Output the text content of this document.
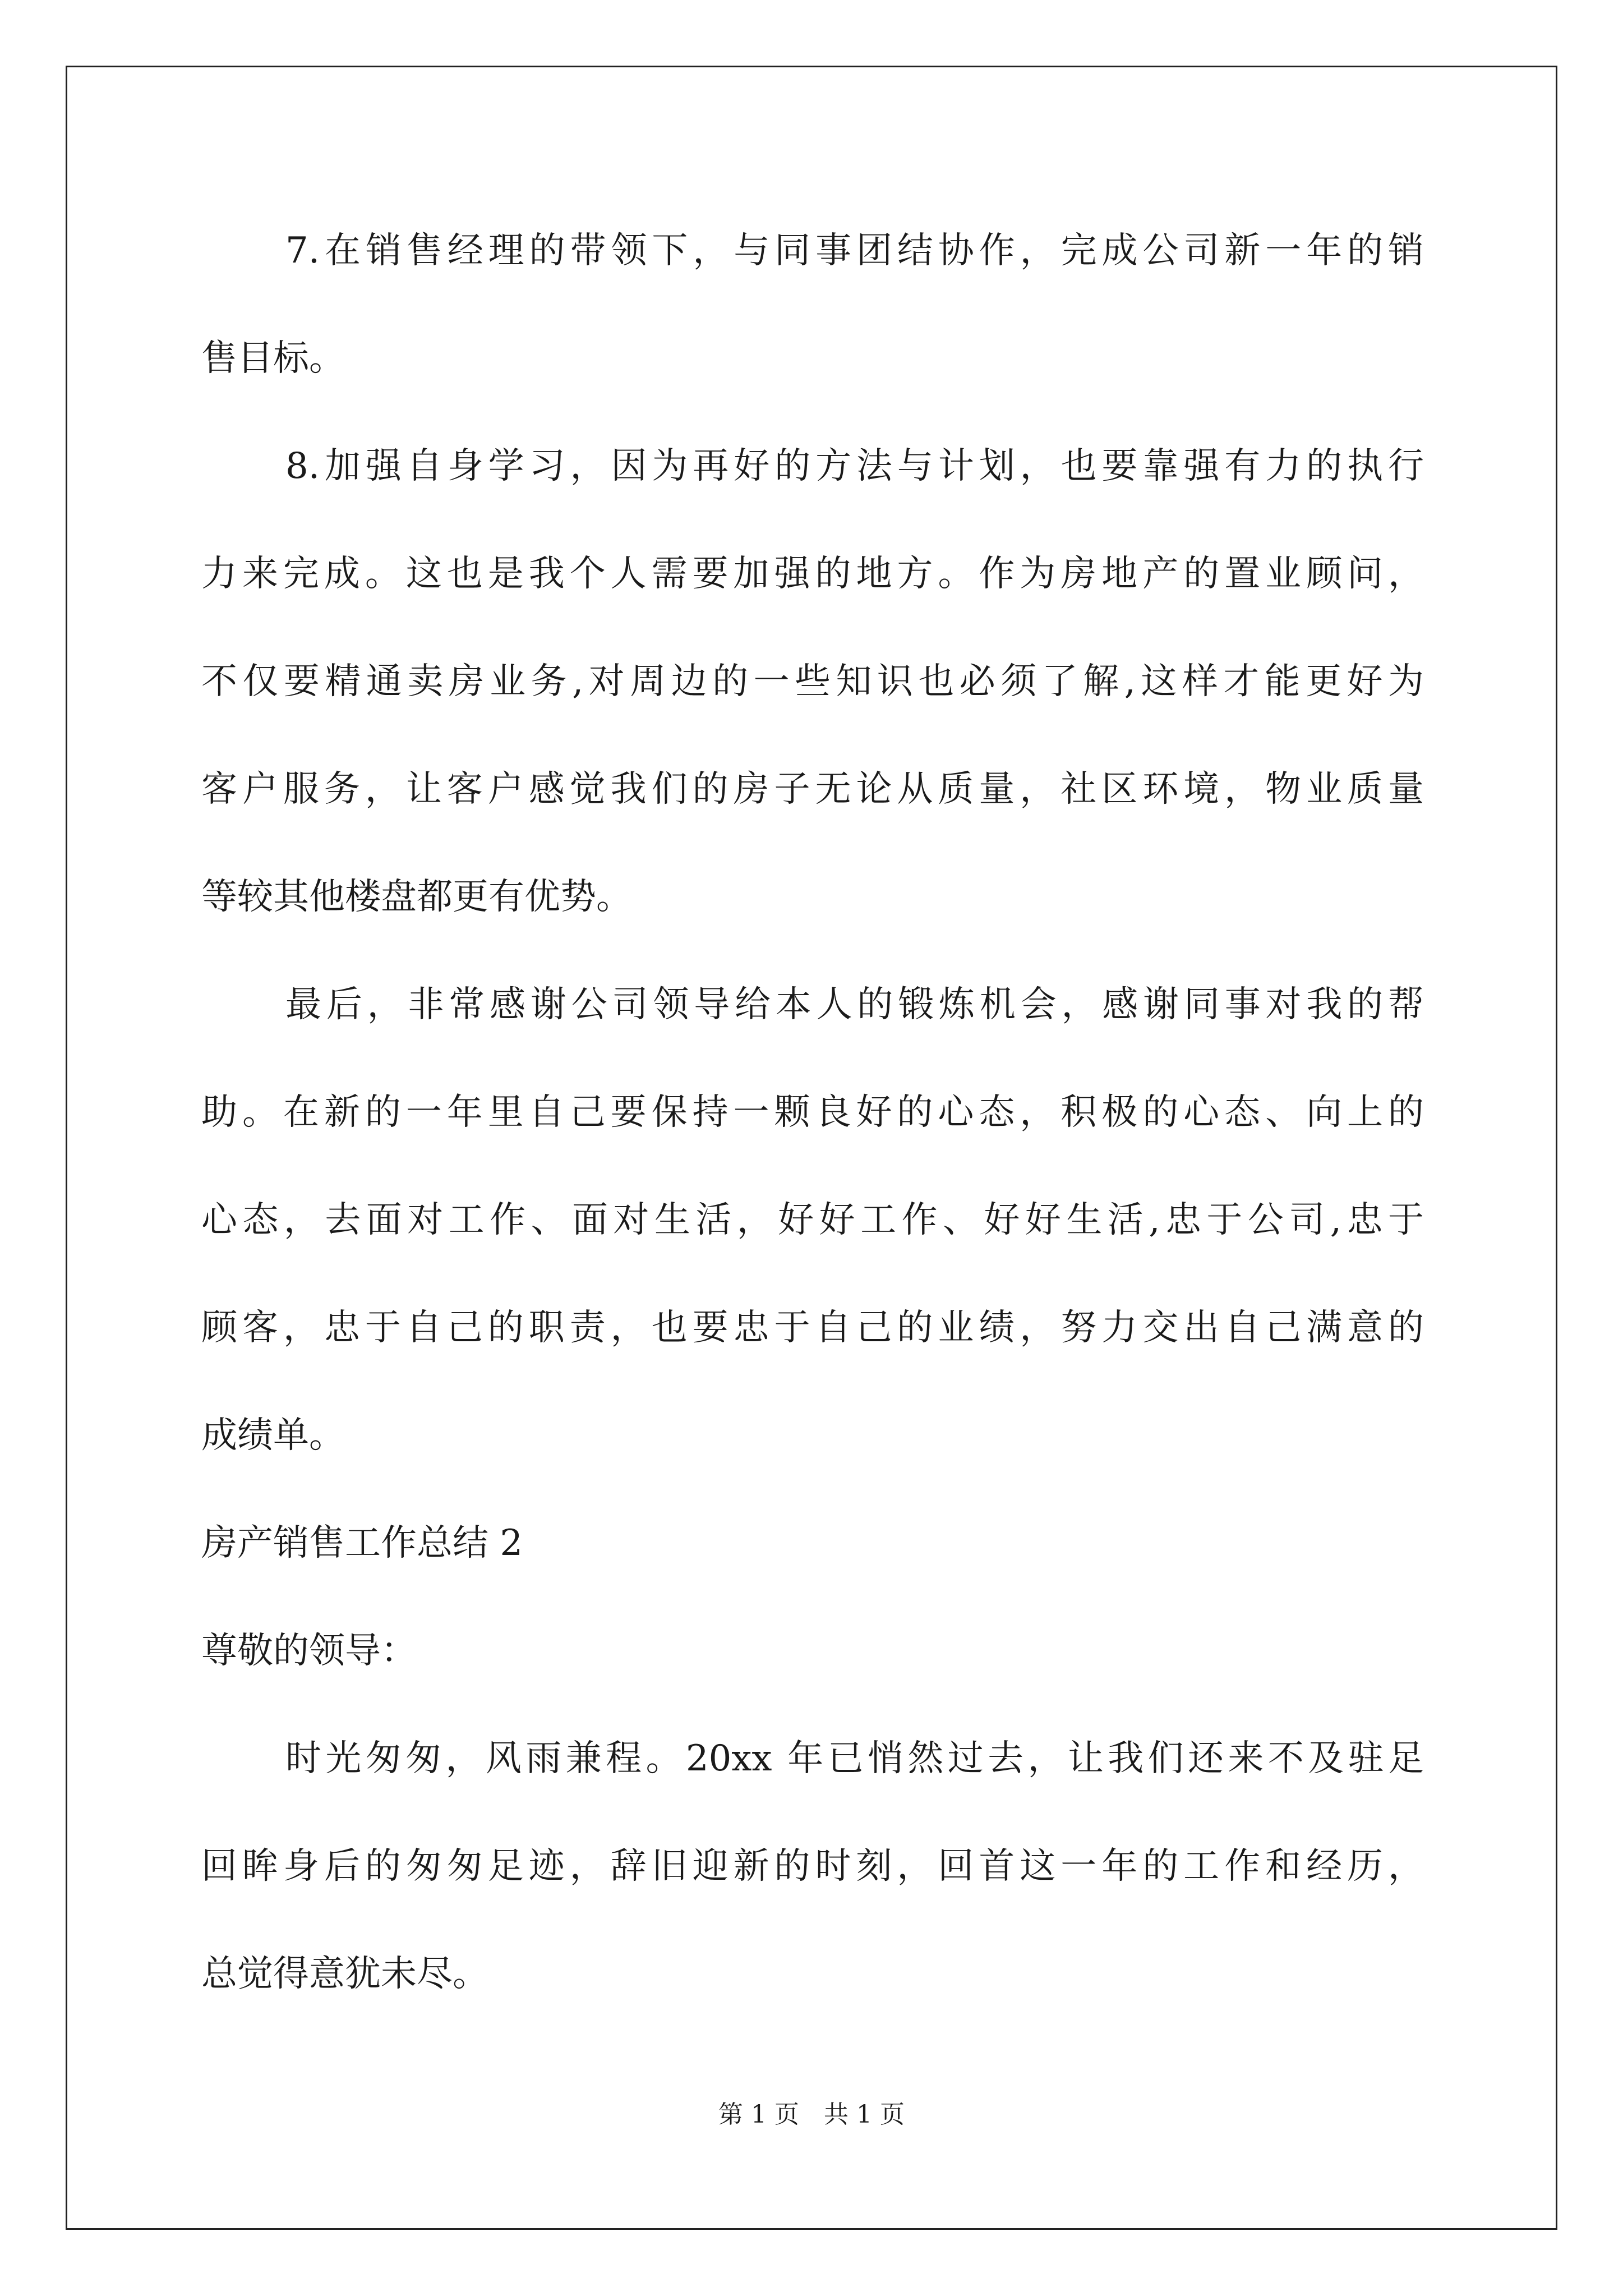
7.在销售经理的带领下，与同事团结协作，完成公司新一年的销
售目标。
8.加强自身学习，因为再好的方法与计划，也要靠强有力的执行
力来完成。这也是我个人需要加强的地方。作为房地产的置业顾问，
不仅要精通卖房业务,对周边的一些知识也必须了解,这样才能更好为
客户服务，让客户感觉我们的房子无论从质量，社区环境，物业质量
等较其他楼盘都更有优势。
最后，非常感谢公司领导给本人的锻炼机会，感谢同事对我的帮
助。在新的一年里自己要保持一颗良好的心态，积极的心态、向上的
心态，去面对工作、面对生活，好好工作、好好生活,忠于公司,忠于
顾客，忠于自己的职责，也要忠于自己的业绩，努力交出自己满意的
成绩单。
房产销售工作总结 2
尊敬的领导：
时光匆匆，风雨兼程。20xx 年已悄然过去，让我们还来不及驻足
回眸身后的匆匆足迹，辞旧迎新的时刻，回首这一年的工作和经历，
总觉得意犹未尽。
第 1 页　共 1 页
